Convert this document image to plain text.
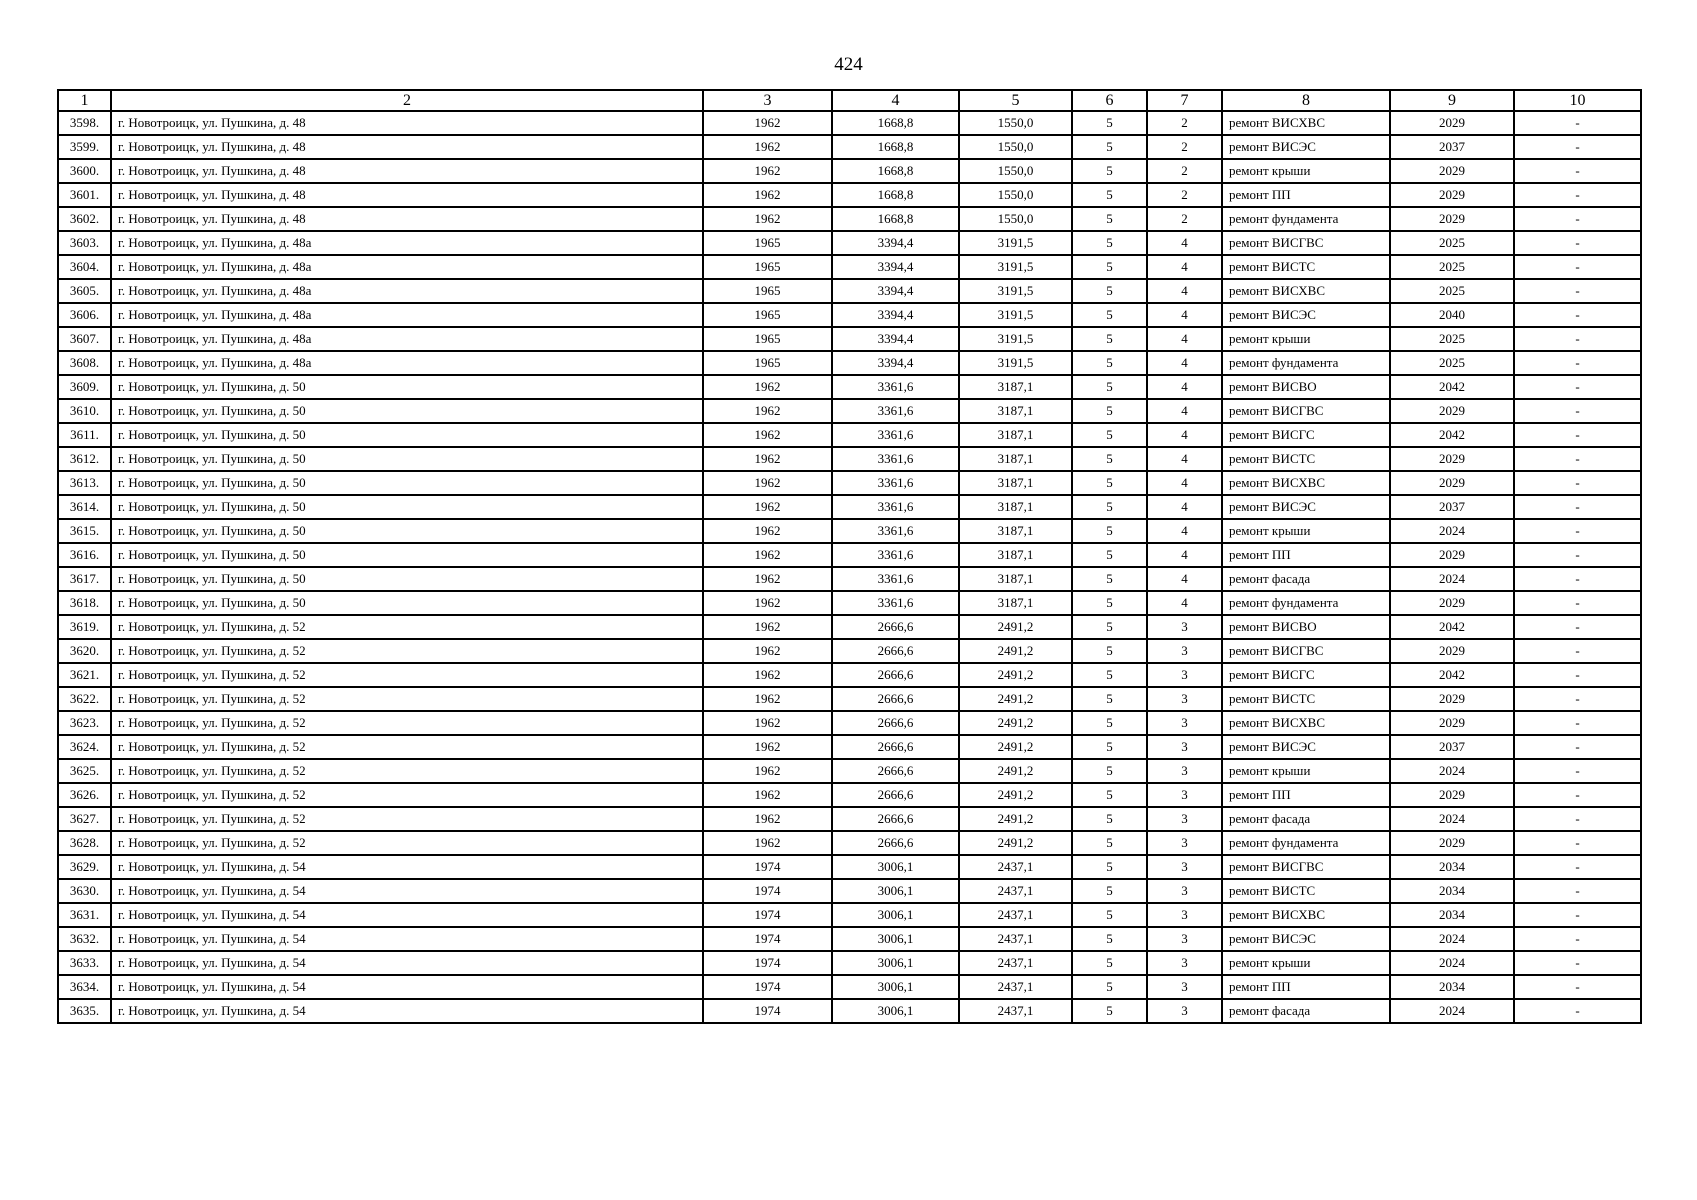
424
1	2	3	4	5	6	7	8	9	10
3598.	г. Новотроицк, ул. Пушкина, д. 48	1962	1668,8	1550,0	5	2	ремонт ВИСХВС	2029	-
3599.	г. Новотроицк, ул. Пушкина, д. 48	1962	1668,8	1550,0	5	2	ремонт ВИСЭС	2037	-
3600.	г. Новотроицк, ул. Пушкина, д. 48	1962	1668,8	1550,0	5	2	ремонт крыши	2029	-
3601.	г. Новотроицк, ул. Пушкина, д. 48	1962	1668,8	1550,0	5	2	ремонт ПП	2029	-
3602.	г. Новотроицк, ул. Пушкина, д. 48	1962	1668,8	1550,0	5	2	ремонт фундамента	2029	-
3603.	г. Новотроицк, ул. Пушкина, д. 48а	1965	3394,4	3191,5	5	4	ремонт ВИСГВС	2025	-
3604.	г. Новотроицк, ул. Пушкина, д. 48а	1965	3394,4	3191,5	5	4	ремонт ВИСТС	2025	-
3605.	г. Новотроицк, ул. Пушкина, д. 48а	1965	3394,4	3191,5	5	4	ремонт ВИСХВС	2025	-
3606.	г. Новотроицк, ул. Пушкина, д. 48а	1965	3394,4	3191,5	5	4	ремонт ВИСЭС	2040	-
3607.	г. Новотроицк, ул. Пушкина, д. 48а	1965	3394,4	3191,5	5	4	ремонт крыши	2025	-
3608.	г. Новотроицк, ул. Пушкина, д. 48а	1965	3394,4	3191,5	5	4	ремонт фундамента	2025	-
3609.	г. Новотроицк, ул. Пушкина, д. 50	1962	3361,6	3187,1	5	4	ремонт ВИСВО	2042	-
3610.	г. Новотроицк, ул. Пушкина, д. 50	1962	3361,6	3187,1	5	4	ремонт ВИСГВС	2029	-
3611.	г. Новотроицк, ул. Пушкина, д. 50	1962	3361,6	3187,1	5	4	ремонт ВИСГС	2042	-
3612.	г. Новотроицк, ул. Пушкина, д. 50	1962	3361,6	3187,1	5	4	ремонт ВИСТС	2029	-
3613.	г. Новотроицк, ул. Пушкина, д. 50	1962	3361,6	3187,1	5	4	ремонт ВИСХВС	2029	-
3614.	г. Новотроицк, ул. Пушкина, д. 50	1962	3361,6	3187,1	5	4	ремонт ВИСЭС	2037	-
3615.	г. Новотроицк, ул. Пушкина, д. 50	1962	3361,6	3187,1	5	4	ремонт крыши	2024	-
3616.	г. Новотроицк, ул. Пушкина, д. 50	1962	3361,6	3187,1	5	4	ремонт ПП	2029	-
3617.	г. Новотроицк, ул. Пушкина, д. 50	1962	3361,6	3187,1	5	4	ремонт фасада	2024	-
3618.	г. Новотроицк, ул. Пушкина, д. 50	1962	3361,6	3187,1	5	4	ремонт фундамента	2029	-
3619.	г. Новотроицк, ул. Пушкина, д. 52	1962	2666,6	2491,2	5	3	ремонт ВИСВО	2042	-
3620.	г. Новотроицк, ул. Пушкина, д. 52	1962	2666,6	2491,2	5	3	ремонт ВИСГВС	2029	-
3621.	г. Новотроицк, ул. Пушкина, д. 52	1962	2666,6	2491,2	5	3	ремонт ВИСГС	2042	-
3622.	г. Новотроицк, ул. Пушкина, д. 52	1962	2666,6	2491,2	5	3	ремонт ВИСТС	2029	-
3623.	г. Новотроицк, ул. Пушкина, д. 52	1962	2666,6	2491,2	5	3	ремонт ВИСХВС	2029	-
3624.	г. Новотроицк, ул. Пушкина, д. 52	1962	2666,6	2491,2	5	3	ремонт ВИСЭС	2037	-
3625.	г. Новотроицк, ул. Пушкина, д. 52	1962	2666,6	2491,2	5	3	ремонт крыши	2024	-
3626.	г. Новотроицк, ул. Пушкина, д. 52	1962	2666,6	2491,2	5	3	ремонт ПП	2029	-
3627.	г. Новотроицк, ул. Пушкина, д. 52	1962	2666,6	2491,2	5	3	ремонт фасада	2024	-
3628.	г. Новотроицк, ул. Пушкина, д. 52	1962	2666,6	2491,2	5	3	ремонт фундамента	2029	-
3629.	г. Новотроицк, ул. Пушкина, д. 54	1974	3006,1	2437,1	5	3	ремонт ВИСГВС	2034	-
3630.	г. Новотроицк, ул. Пушкина, д. 54	1974	3006,1	2437,1	5	3	ремонт ВИСТС	2034	-
3631.	г. Новотроицк, ул. Пушкина, д. 54	1974	3006,1	2437,1	5	3	ремонт ВИСХВС	2034	-
3632.	г. Новотроицк, ул. Пушкина, д. 54	1974	3006,1	2437,1	5	3	ремонт ВИСЭС	2024	-
3633.	г. Новотроицк, ул. Пушкина, д. 54	1974	3006,1	2437,1	5	3	ремонт крыши	2024	-
3634.	г. Новотроицк, ул. Пушкина, д. 54	1974	3006,1	2437,1	5	3	ремонт ПП	2034	-
3635.	г. Новотроицк, ул. Пушкина, д. 54	1974	3006,1	2437,1	5	3	ремонт фасада	2024	-
